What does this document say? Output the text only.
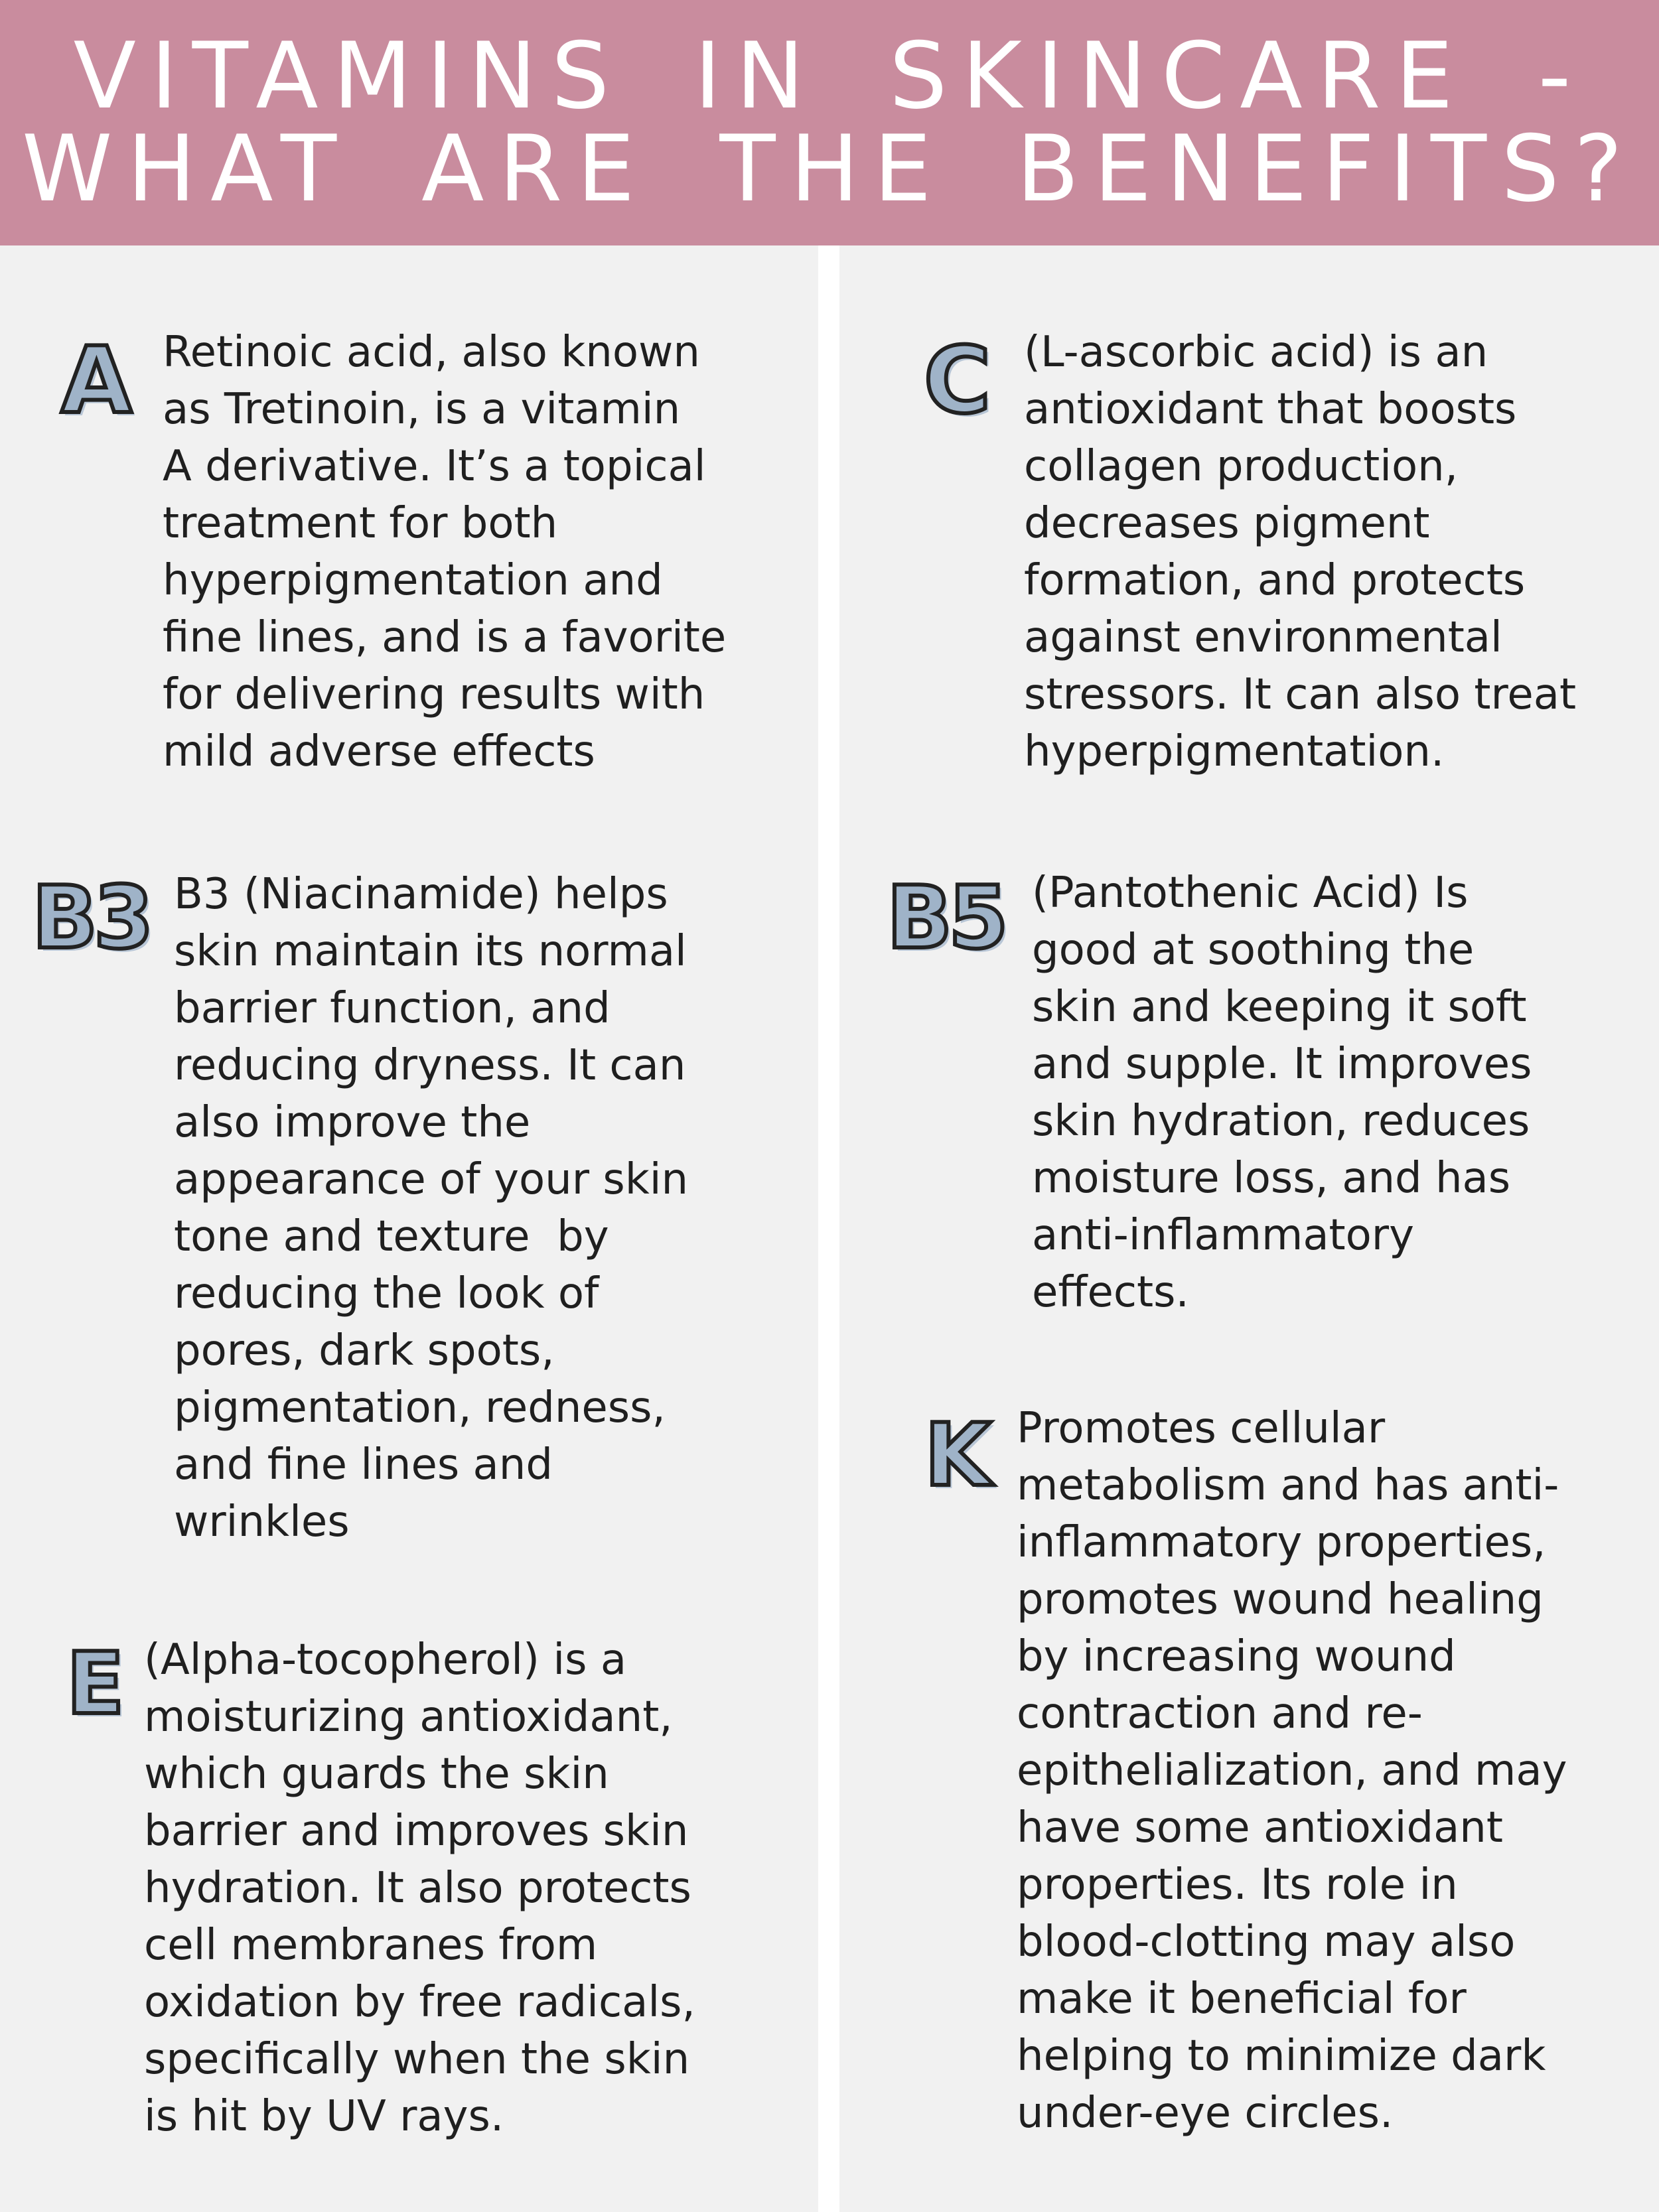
VITAMINS IN SKINCARE -
WHAT ARE THE BENEFITS?
A Retinoic acid, also known
as Tretinoin, is a vitamin
A derivative. It’s a topical
treatment for both
hyperpigmentation and
fine lines, and is a favorite
for delivering results with
mild adverse effects

C (L-ascorbic acid) is an
antioxidant that boosts
collagen production,
decreases pigment
formation, and protects
against environmental
stressors. It can also treat
hyperpigmentation.

B3 B3 (Niacinamide) helps
skin maintain its normal
barrier function, and
reducing dryness. It can
also improve the
appearance of your skin
tone and texture  by
reducing the look of
pores, dark spots,
pigmentation, redness,
and fine lines and
wrinkles

B5 (Pantothenic Acid) Is
good at soothing the
skin and keeping it soft
and supple. It improves
skin hydration, reduces
moisture loss, and has
anti-inflammatory
effects.

E (Alpha-tocopherol) is a
moisturizing antioxidant,
which guards the skin
barrier and improves skin
hydration. It also protects
cell membranes from
oxidation by free radicals,
specifically when the skin
is hit by UV rays.

K Promotes cellular
metabolism and has anti-
inflammatory properties,
promotes wound healing
by increasing wound
contraction and re-
epithelialization, and may
have some antioxidant
properties. Its role in
blood-clotting may also
make it beneficial for
helping to minimize dark
under-eye circles.
